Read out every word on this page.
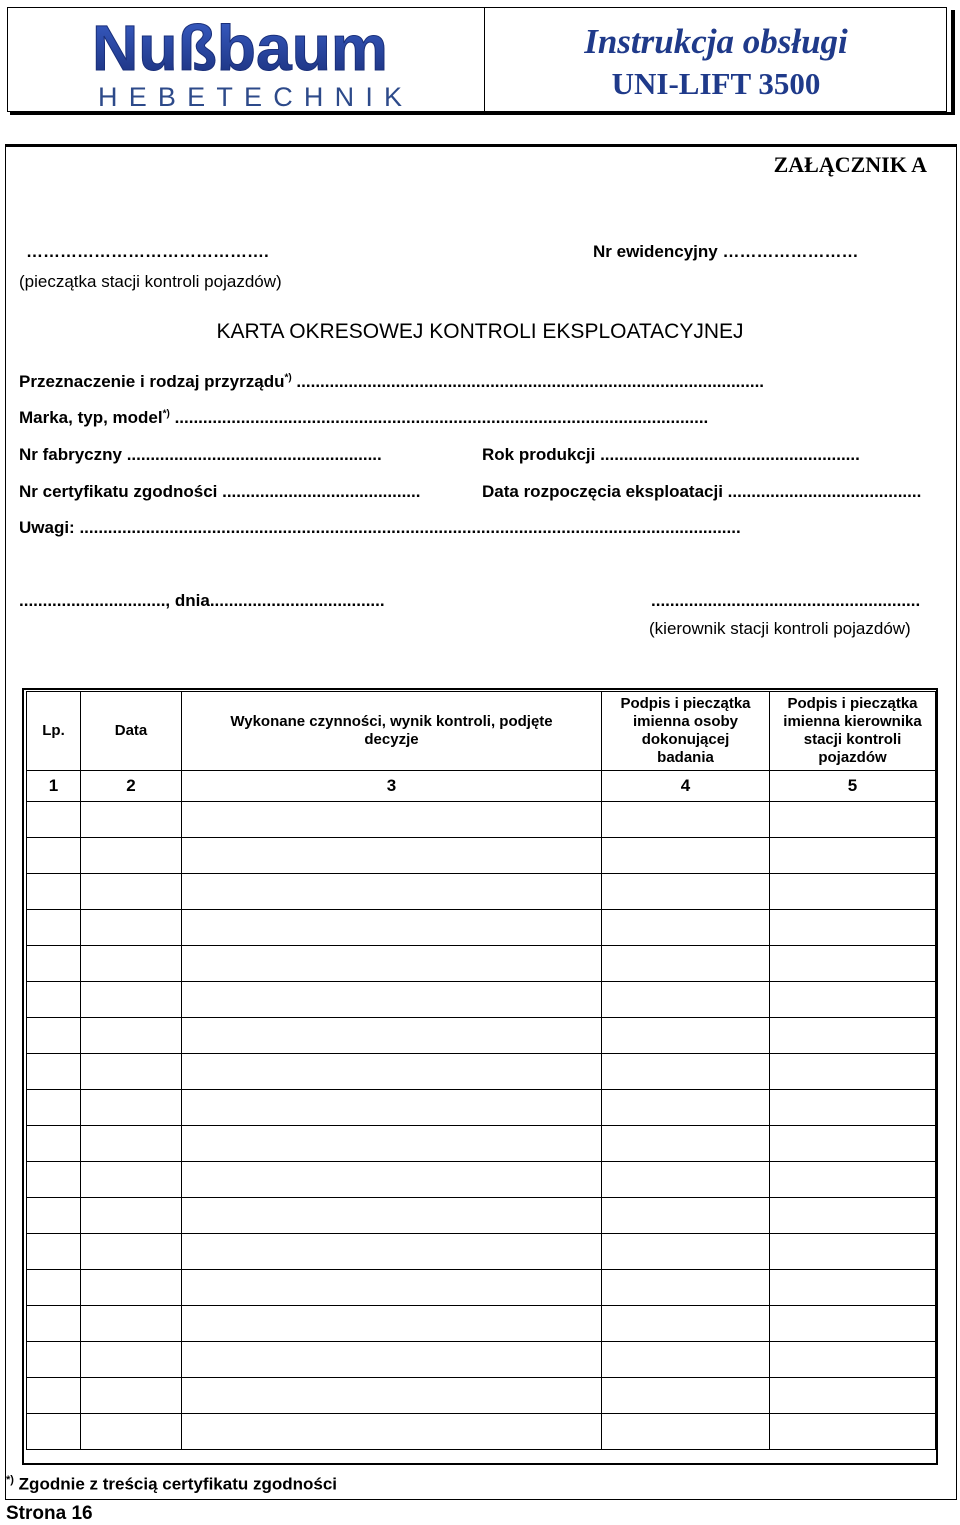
Nußbaum
HEBETECHNIK
Instrukcja obsługi
UNI-LIFT 3500
ZAŁĄCZNIK A
…………………………………….
(pieczątka stacji kontroli pojazdów)
Nr ewidencyjny ……………………
KARTA OKRESOWEJ KONTROLI EKSPLOATACYJNEJ
Przeznaczenie i rodzaj przyrządu*) ...................................................................................................
Marka, typ, model*) .................................................................................................................
Nr fabryczny ......................................................	Rok produkcji .......................................................
Nr certyfikatu zgodności ..........................................	Data rozpoczęcia eksploatacji .........................................
Uwagi: ............................................................................................................................................
..............................., dnia.....................................	.........................................................
(kierownik stacji kontroli pojazdów)
Lp.	Data	Wykonane czynności, wynik kontroli, podjęte decyzje	Podpis i pieczątka imienna osoby dokonującej badania	Podpis i pieczątka imienna kierownika stacji kontroli pojazdów
1	2	3	4	5

*) Zgodnie z treścią certyfikatu zgodności
Strona 16
